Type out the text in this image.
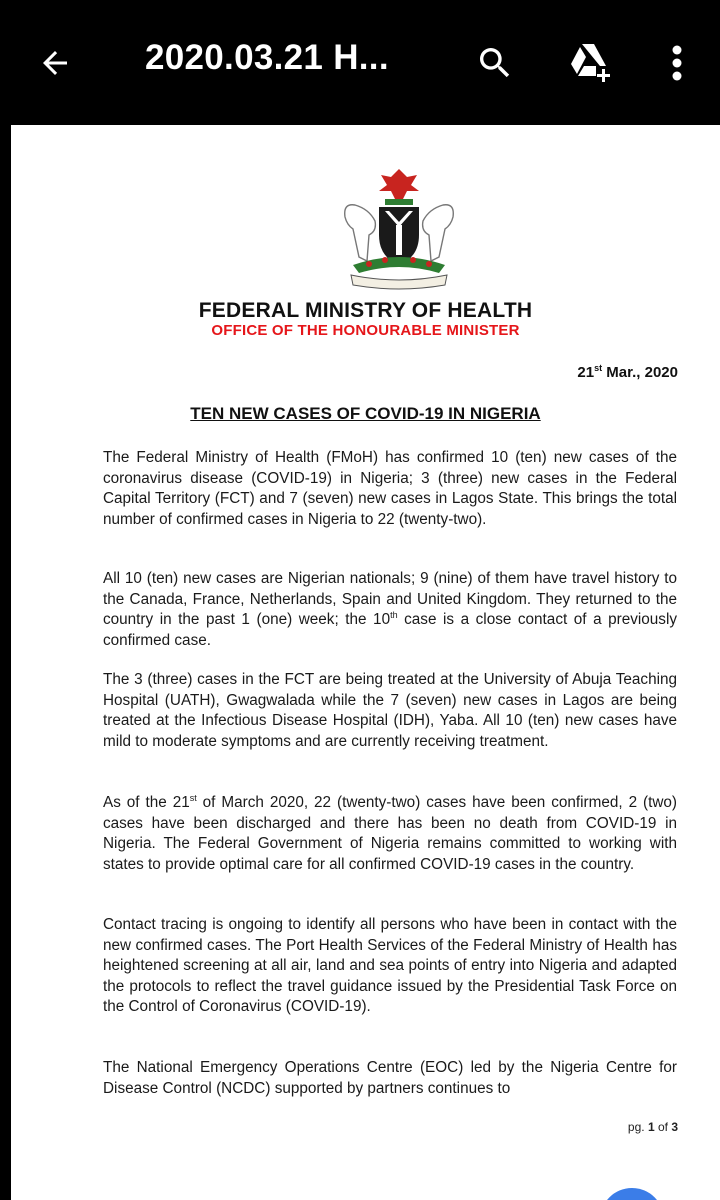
2020.03.21 H...
FEDERAL MINISTRY OF HEALTH
OFFICE OF THE HONOURABLE MINISTER
21st Mar., 2020
TEN NEW CASES OF COVID-19 IN NIGERIA

The Federal Ministry of Health (FMoH) has confirmed 10 (ten) new cases of the coronavirus disease (COVID-19) in Nigeria; 3 (three) new cases in the Federal Capital Territory (FCT) and 7 (seven) new cases in Lagos State. This brings the total number of confirmed cases in Nigeria to 22 (twenty-two).

All 10 (ten) new cases are Nigerian nationals; 9 (nine) of them have travel history to the Canada, France, Netherlands, Spain and United Kingdom. They returned to the country in the past 1 (one) week; the 10th case is a close contact of a previously confirmed case.

The 3 (three) cases in the FCT are being treated at the University of Abuja Teaching Hospital (UATH), Gwagwalada while the 7 (seven) new cases in Lagos are being treated at the Infectious Disease Hospital (IDH), Yaba. All 10 (ten) new cases have mild to moderate symptoms and are currently receiving treatment.

As of the 21st of March 2020, 22 (twenty-two) cases have been confirmed, 2 (two) cases have been discharged and there has been no death from COVID-19 in Nigeria. The Federal Government of Nigeria remains committed to working with states to provide optimal care for all confirmed COVID-19 cases in the country.

Contact tracing is ongoing to identify all persons who have been in contact with the new confirmed cases. The Port Health Services of the Federal Ministry of Health has heightened screening at all air, land and sea points of entry into Nigeria and adapted the protocols to reflect the travel guidance issued by the Presidential Task Force on the Control of Coronavirus (COVID-19).

The National Emergency Operations Centre (EOC) led by the Nigeria Centre for Disease Control (NCDC) supported by partners continues to

pg. 1 of 3
